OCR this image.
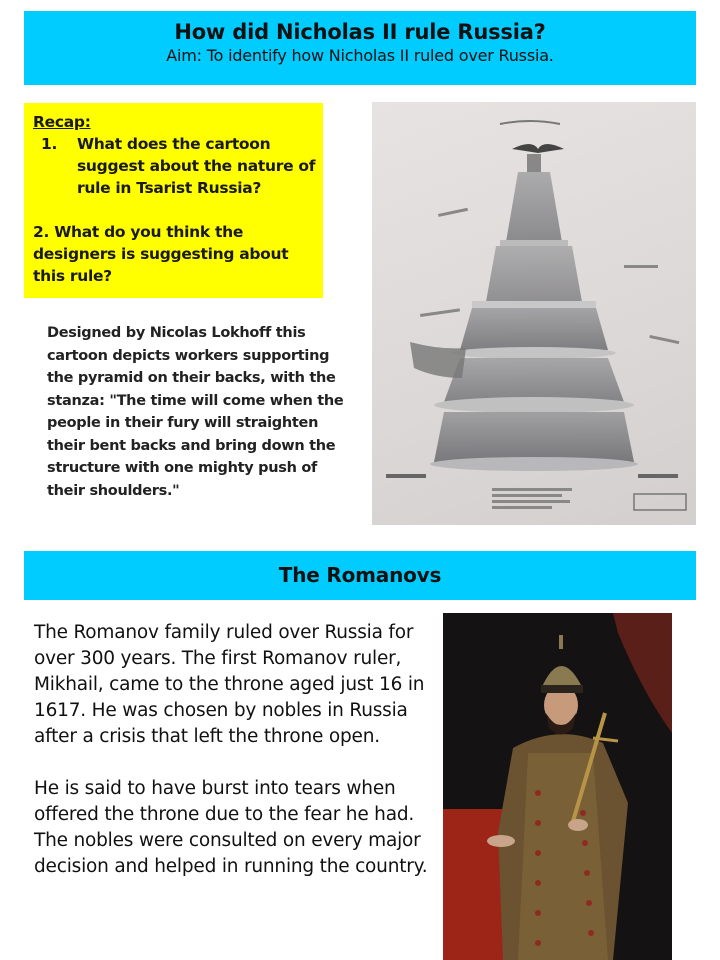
How did Nicholas II rule Russia?
Aim: To identify how Nicholas II ruled over Russia.
Recap:
1.	What does the cartoon suggest about the nature of rule in Tsarist Russia?
2. What do you think the designers is suggesting about this rule?
Designed by Nicolas Lokhoff this cartoon depicts workers supporting the pyramid on their backs, with the stanza: "The time will come when the people in their fury will straighten their bent backs and bring down the structure with one mighty push of their shoulders."
The Romanovs

The Romanov family ruled over Russia for over 300 years. The first Romanov ruler, Mikhail, came to the throne aged just 16 in 1617. He was chosen by nobles in Russia after a crisis that left the throne open.

He is said to have burst into tears when offered the throne due to the fear he had. The nobles were consulted on every major decision and helped in running the country.
